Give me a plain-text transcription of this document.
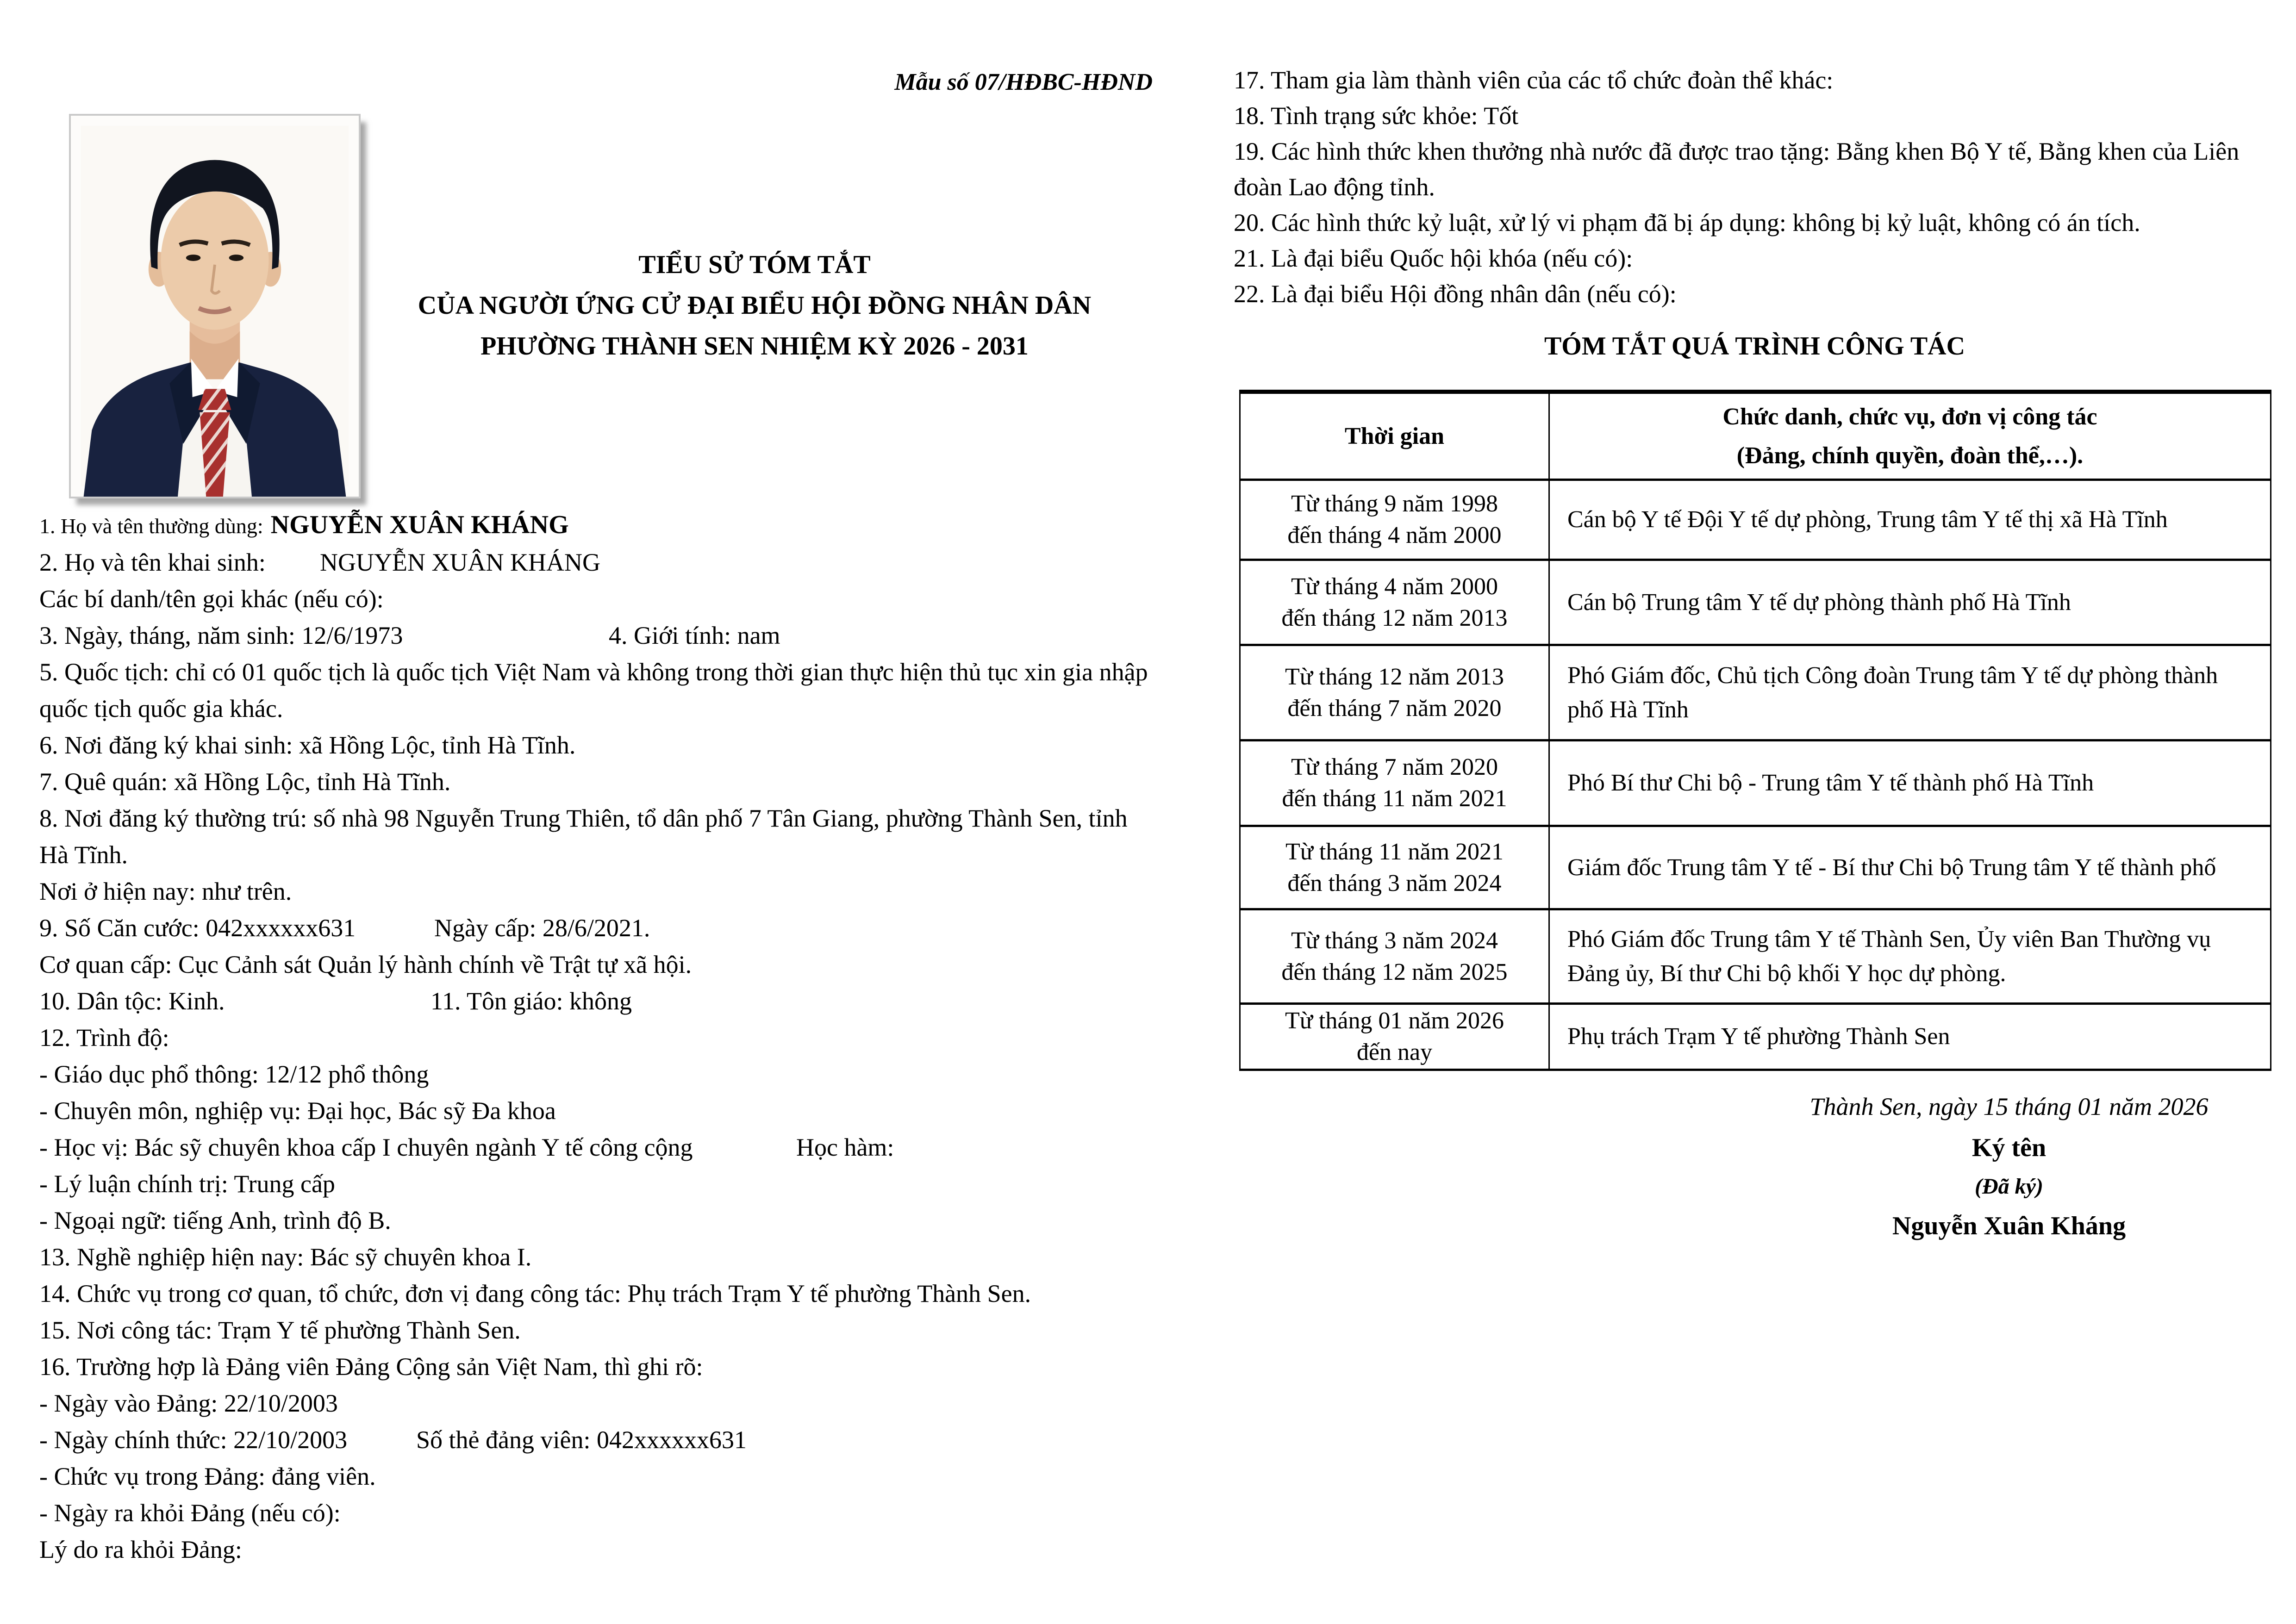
Mẫu số 07/HĐBC-HĐND
TIỂU SỬ TÓM TẮT
CỦA NGƯỜI ỨNG CỬ ĐẠI BIỂU HỘI ĐỒNG NHÂN DÂN
PHƯỜNG THÀNH SEN NHIỆM KỲ 2026 - 2031

1. Họ và tên thường dùng: NGUYỄN XUÂN KHÁNG

2. Họ và tên khai sinh:	NGUYỄN XUÂN KHÁNG

Các bí danh/tên gọi khác (nếu có):

3. Ngày, tháng, năm sinh: 12/6/1973	4. Giới tính: nam

5. Quốc tịch: chỉ có 01 quốc tịch là quốc tịch Việt Nam và không trong thời gian thực hiện thủ tục xin gia nhập quốc tịch quốc gia khác.

6. Nơi đăng ký khai sinh: xã Hồng Lộc, tỉnh Hà Tĩnh.

7. Quê quán: xã Hồng Lộc, tỉnh Hà Tĩnh.

8. Nơi đăng ký thường trú: số nhà 98 Nguyễn Trung Thiên, tổ dân phố 7 Tân Giang, phường Thành Sen, tỉnh Hà Tĩnh.

Nơi ở hiện nay: như trên.

9. Số Căn cước: 042xxxxxx631	Ngày cấp: 28/6/2021.

Cơ quan cấp: Cục Cảnh sát Quản lý hành chính về Trật tự xã hội.

10. Dân tộc: Kinh.	11. Tôn giáo: không

12. Trình độ:

- Giáo dục phổ thông: 12/12 phổ thông

- Chuyên môn, nghiệp vụ: Đại học, Bác sỹ Đa khoa

- Học vị: Bác sỹ chuyên khoa cấp I chuyên ngành Y tế công cộng	Học hàm:

- Lý luận chính trị: Trung cấp

- Ngoại ngữ: tiếng Anh, trình độ B.

13. Nghề nghiệp hiện nay: Bác sỹ chuyên khoa I.

14. Chức vụ trong cơ quan, tổ chức, đơn vị đang công tác: Phụ trách Trạm Y tế phường Thành Sen.

15. Nơi công tác: Trạm Y tế phường Thành Sen.

16. Trường hợp là Đảng viên Đảng Cộng sản Việt Nam, thì ghi rõ:

- Ngày vào Đảng: 22/10/2003

- Ngày chính thức: 22/10/2003	Số thẻ đảng viên: 042xxxxxx631

- Chức vụ trong Đảng: đảng viên.

- Ngày ra khỏi Đảng (nếu có):

Lý do ra khỏi Đảng:

17. Tham gia làm thành viên của các tổ chức đoàn thể khác:

18. Tình trạng sức khỏe: Tốt

19. Các hình thức khen thưởng nhà nước đã được trao tặng: Bằng khen Bộ Y tế, Bằng khen của Liên đoàn Lao động tỉnh.

20. Các hình thức kỷ luật, xử lý vi phạm đã bị áp dụng: không bị kỷ luật, không có án tích.

21. Là đại biểu Quốc hội khóa (nếu có):

22. Là đại biểu Hội đồng nhân dân (nếu có):

TÓM TẮT QUÁ TRÌNH CÔNG TÁC
Thời gian	Chức danh, chức vụ, đơn vị công tác
(Đảng, chính quyền, đoàn thể,…).

Từ tháng 9 năm 1998
đến tháng 4 năm 2000	Cán bộ Y tế Đội Y tế dự phòng, Trung tâm Y tế thị xã Hà Tĩnh

Từ tháng 4 năm 2000
đến tháng 12 năm 2013	Cán bộ Trung tâm Y tế dự phòng thành phố Hà Tĩnh

Từ tháng 12 năm 2013
đến tháng 7 năm 2020	Phó Giám đốc, Chủ tịch Công đoàn Trung tâm Y tế dự phòng thành phố Hà Tĩnh

Từ tháng 7 năm 2020
đến tháng 11 năm 2021	Phó Bí thư Chi bộ - Trung tâm Y tế thành phố Hà Tĩnh

Từ tháng 11 năm 2021
đến tháng 3 năm 2024	Giám đốc Trung tâm Y tế - Bí thư Chi bộ Trung tâm Y tế thành phố

Từ tháng 3 năm 2024
đến tháng 12 năm 2025	Phó Giám đốc Trung tâm Y tế Thành Sen, Ủy viên Ban Thường vụ Đảng ủy, Bí thư Chi bộ khối Y học dự phòng.

Từ tháng 01 năm 2026
đến nay	Phụ trách Trạm Y tế phường Thành Sen

Thành Sen, ngày 15 tháng 01 năm 2026

Ký tên

(Đã ký)

Nguyễn Xuân Kháng
